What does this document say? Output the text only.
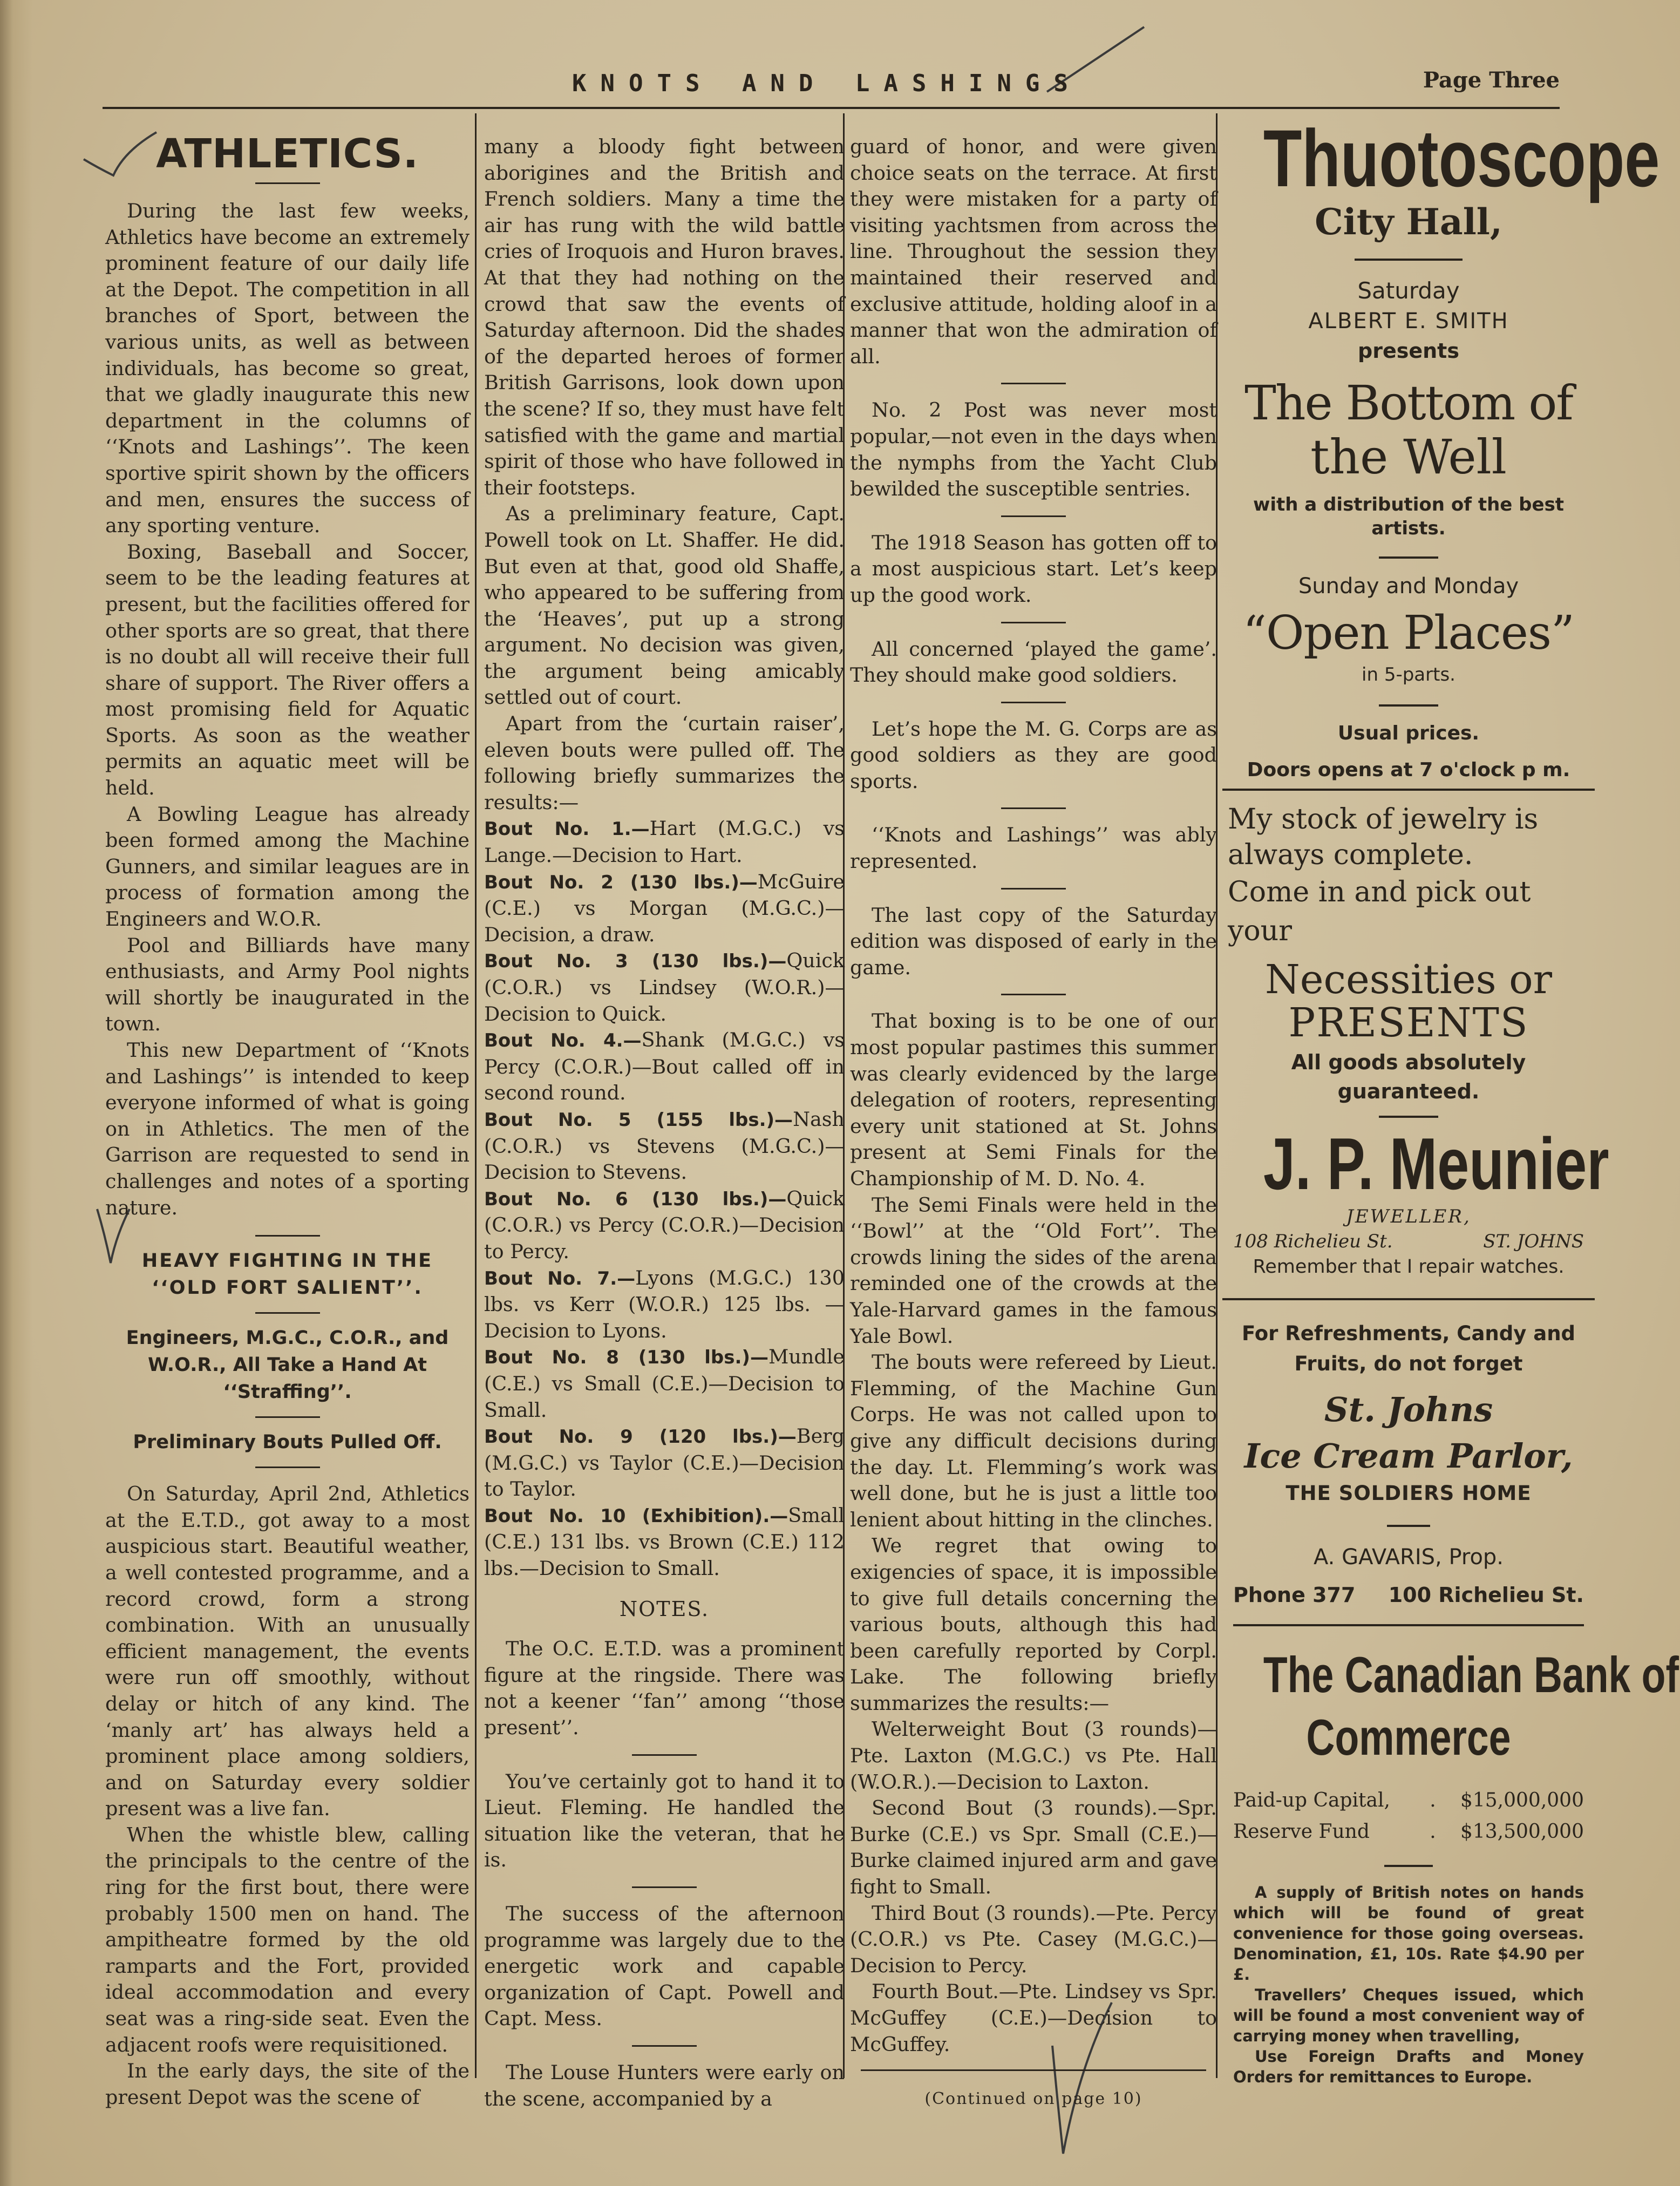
KNOTS AND LASHINGS	Page Three
ATHLETICS.

During the last few weeks, Athletics have become an extremely prominent feature of our daily life at the Depot. The competition in all branches of Sport, between the various units, as well as between individuals, has become so great, that we gladly inaugurate this new department in the columns of ‘‘Knots and Lashings’’. The keen sportive spirit shown by the officers and men, ensures the success of any sporting venture.

Boxing, Baseball and Soccer, seem to be the leading features at present, but the facilities offered for other sports are so great, that there is no doubt all will receive their full share of support. The River offers a most promising field for Aquatic Sports. As soon as the weather permits an aquatic meet will be held.

A Bowling League has already been formed among the Machine Gunners, and similar leagues are in process of formation among the Engineers and W.O.R.

Pool and Billiards have many enthusiasts, and Army Pool nights will shortly be inaugurated in the town.

This new Department of ‘‘Knots and Lashings’’ is intended to keep everyone informed of what is going on in Athletics. The men of the Garrison are requested to send in challenges and notes of a sporting nature.

HEAVY FIGHTING IN THE ‘‘OLD FORT SALIENT’’.
Engineers, M.G.C., C.O.R., and W.O.R., All Take a Hand At ‘‘Straffing’’.
Preliminary Bouts Pulled Off.

On Saturday, April 2nd, Athletics at the E.T.D., got away to a most auspicious start. Beautiful weather, a well contested programme, and a record crowd, form a strong combination. With an unusually efficient management, the events were run off smoothly, without delay or hitch of any kind. The ‘manly art’ has always held a prominent place among soldiers, and on Saturday every soldier present was a live fan.

When the whistle blew, calling the principals to the centre of the ring for the first bout, there were probably 1500 men on hand. The ampitheatre formed by the old ramparts and the Fort, provided ideal accommodation and every seat was a ring-side seat. Even the adjacent roofs were requisitioned.

In the early days, the site of the present Depot was the scene of

many a bloody fight between aborigines and the British and French soldiers. Many a time the air has rung with the wild battle cries of Iroquois and Huron braves. At that they had nothing on the crowd that saw the events of Saturday afternoon. Did the shades of the departed heroes of former British Garrisons, look down upon the scene? If so, they must have felt satisfied with the game and martial spirit of those who have followed in their footsteps.

As a preliminary feature, Capt. Powell took on Lt. Shaffer. He did. But even at that, good old Shaffe, who appeared to be suffering from the ‘Heaves’, put up a strong argument. No decision was given, the argument being amicably settled out of court.

Apart from the ‘curtain raiser’, eleven bouts were pulled off. The following briefly summarizes the results:—

Bout No. 1.—Hart (M.G.C.) vs Lange.—Decision to Hart.

Bout No. 2 (130 lbs.)—McGuire (C.E.) vs Morgan (M.G.C.)—Decision, a draw.

Bout No. 3 (130 lbs.)—Quick (C.O.R.) vs Lindsey (W.O.R.)—Decision to Quick.

Bout No. 4.—Shank (M.G.C.) vs Percy (C.O.R.)—Bout called off in second round.

Bout No. 5 (155 lbs.)—Nash (C.O.R.) vs Stevens (M.G.C.)—Decision to Stevens.

Bout No. 6 (130 lbs.)—Quick (C.O.R.) vs Percy (C.O.R.)—Decision to Percy.

Bout No. 7.—Lyons (M.G.C.) 130 lbs. vs Kerr (W.O.R.) 125 lbs. —Decision to Lyons.

Bout No. 8 (130 lbs.)—Mundle (C.E.) vs Small (C.E.)—Decision to Small.

Bout No. 9 (120 lbs.)—Berg (M.G.C.) vs Taylor (C.E.)—Decision to Taylor.

Bout No. 10 (Exhibition).—Small (C.E.) 131 lbs. vs Brown (C.E.) 112 lbs.—Decision to Small.

NOTES.

The O.C. E.T.D. was a prominent figure at the ringside. There was not a keener ‘‘fan’’ among ‘‘those present’’.

You’ve certainly got to hand it to Lieut. Fleming. He handled the situation like the veteran, that he is.

The success of the afternoon programme was largely due to the energetic work and capable organization of Capt. Powell and Capt. Mess.

The Louse Hunters were early on the scene, accompanied by a

guard of honor, and were given choice seats on the terrace. At first they were mistaken for a party of visiting yachtsmen from across the line. Throughout the session they maintained their reserved and exclusive attitude, holding aloof in a manner that won the admiration of all.

No. 2 Post was never most popular,—not even in the days when the nymphs from the Yacht Club bewilded the susceptible sentries.

The 1918 Season has gotten off to a most auspicious start. Let’s keep up the good work.

All concerned ‘played the game’. They should make good soldiers.

Let’s hope the M. G. Corps are as good soldiers as they are good sports.

‘‘Knots and Lashings’’ was ably represented.

The last copy of the Saturday edition was disposed of early in the game.

That boxing is to be one of our most popular pastimes this summer was clearly evidenced by the large delegation of rooters, representing every unit stationed at St. Johns present at Semi Finals for the Championship of M. D. No. 4.

The Semi Finals were held in the ‘‘Bowl’’ at the ‘‘Old Fort’’. The crowds lining the sides of the arena reminded one of the crowds at the Yale-Harvard games in the famous Yale Bowl.

The bouts were refereed by Lieut. Flemming, of the Machine Gun Corps. He was not called upon to give any difficult decisions during the day. Lt. Flemming’s work was well done, but he is just a little too lenient about hitting in the clinches.

We regret that owing to exigencies of space, it is impossible to give full details concerning the various bouts, although this had been carefully reported by Corpl. Lake. The following briefly summarizes the results:—

Welterweight Bout (3 rounds)—Pte. Laxton (M.G.C.) vs Pte. Hall (W.O.R.).—Decision to Laxton.

Second Bout (3 rounds).—Spr. Burke (C.E.) vs Spr. Small (C.E.)—Burke claimed injured arm and gave fight to Small.

Third Bout (3 rounds).—Pte. Percy (C.O.R.) vs Pte. Casey (M.G.C.)—Decision to Percy.

Fourth Bout.—Pte. Lindsey vs Spr. McGuffey (C.E.)—Decision to McGuffey.

(Continued on page 10)
Thuotoscope
City Hall,
Saturday
ALBERT E. SMITH
presents
The Bottom of
the Well
with a distribution of the best artists.
Sunday and Monday
“Open Places”
in 5-parts.
Usual prices.
Doors opens at 7 o'clock p m.
My stock of jewelry is
always complete.
Come in and pick out your
Necessities or
PRESENTS
All goods absolutely guaranteed.
J. P. Meunier
JEWELLER,
108 Richelieu St.	ST. JOHNS
Remember that I repair watches.
For Refreshments, Candy and
Fruits, do not forget
St. Johns
Ice Cream Parlor,
THE SOLDIERS HOME
A. GAVARIS, Prop.
Phone 377 100 Richelieu St.
The Canadian Bank of
Commerce
Paid-up Capital,	.	$15,000,000
Reserve Fund	.	$13,500,000

A supply of British notes on hands which will be found of great convenience for those going overseas. Denomination, £1, 10s. Rate $4.90 per £.

Travellers’ Cheques issued, which will be found a most convenient way of carrying money when travelling,

Use Foreign Drafts and Money Orders for remittances to Europe.
